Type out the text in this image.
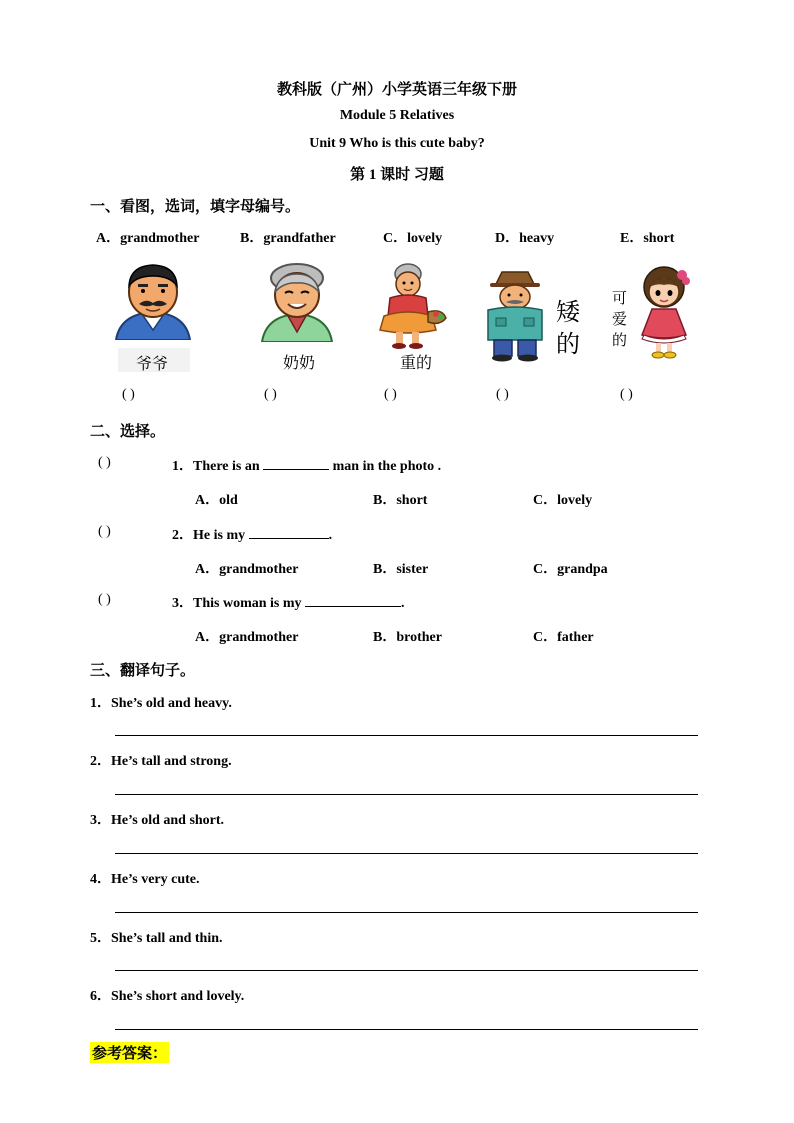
教科版（广州）小学英语三年级下册
Module 5 Relatives
Unit 9 Who is this cute baby?
第 1 课时 习题
一、看图，选词，填字母编号。
A．grandmother	B．grandfather	C．lovely	D．heavy	E．short
爷爷	奶奶	重的
矮
的
可
爱
的
( )	( )	( )	( )	( )
二、选择。
( )	1．There is an	man in the photo .
A．old	B．short	C．lovely
( )	2．He is my	.
A．grandmother	B．sister	C．grandpa
( )	3．This woman is my	.
A．grandmother	B．brother	C．father
三、翻译句子。
1．She’s old and heavy.
2．He’s tall and strong.
3．He’s old and short.
4．He’s very cute.
5．She’s tall and thin.
6．She’s short and lovely.
参考答案：
